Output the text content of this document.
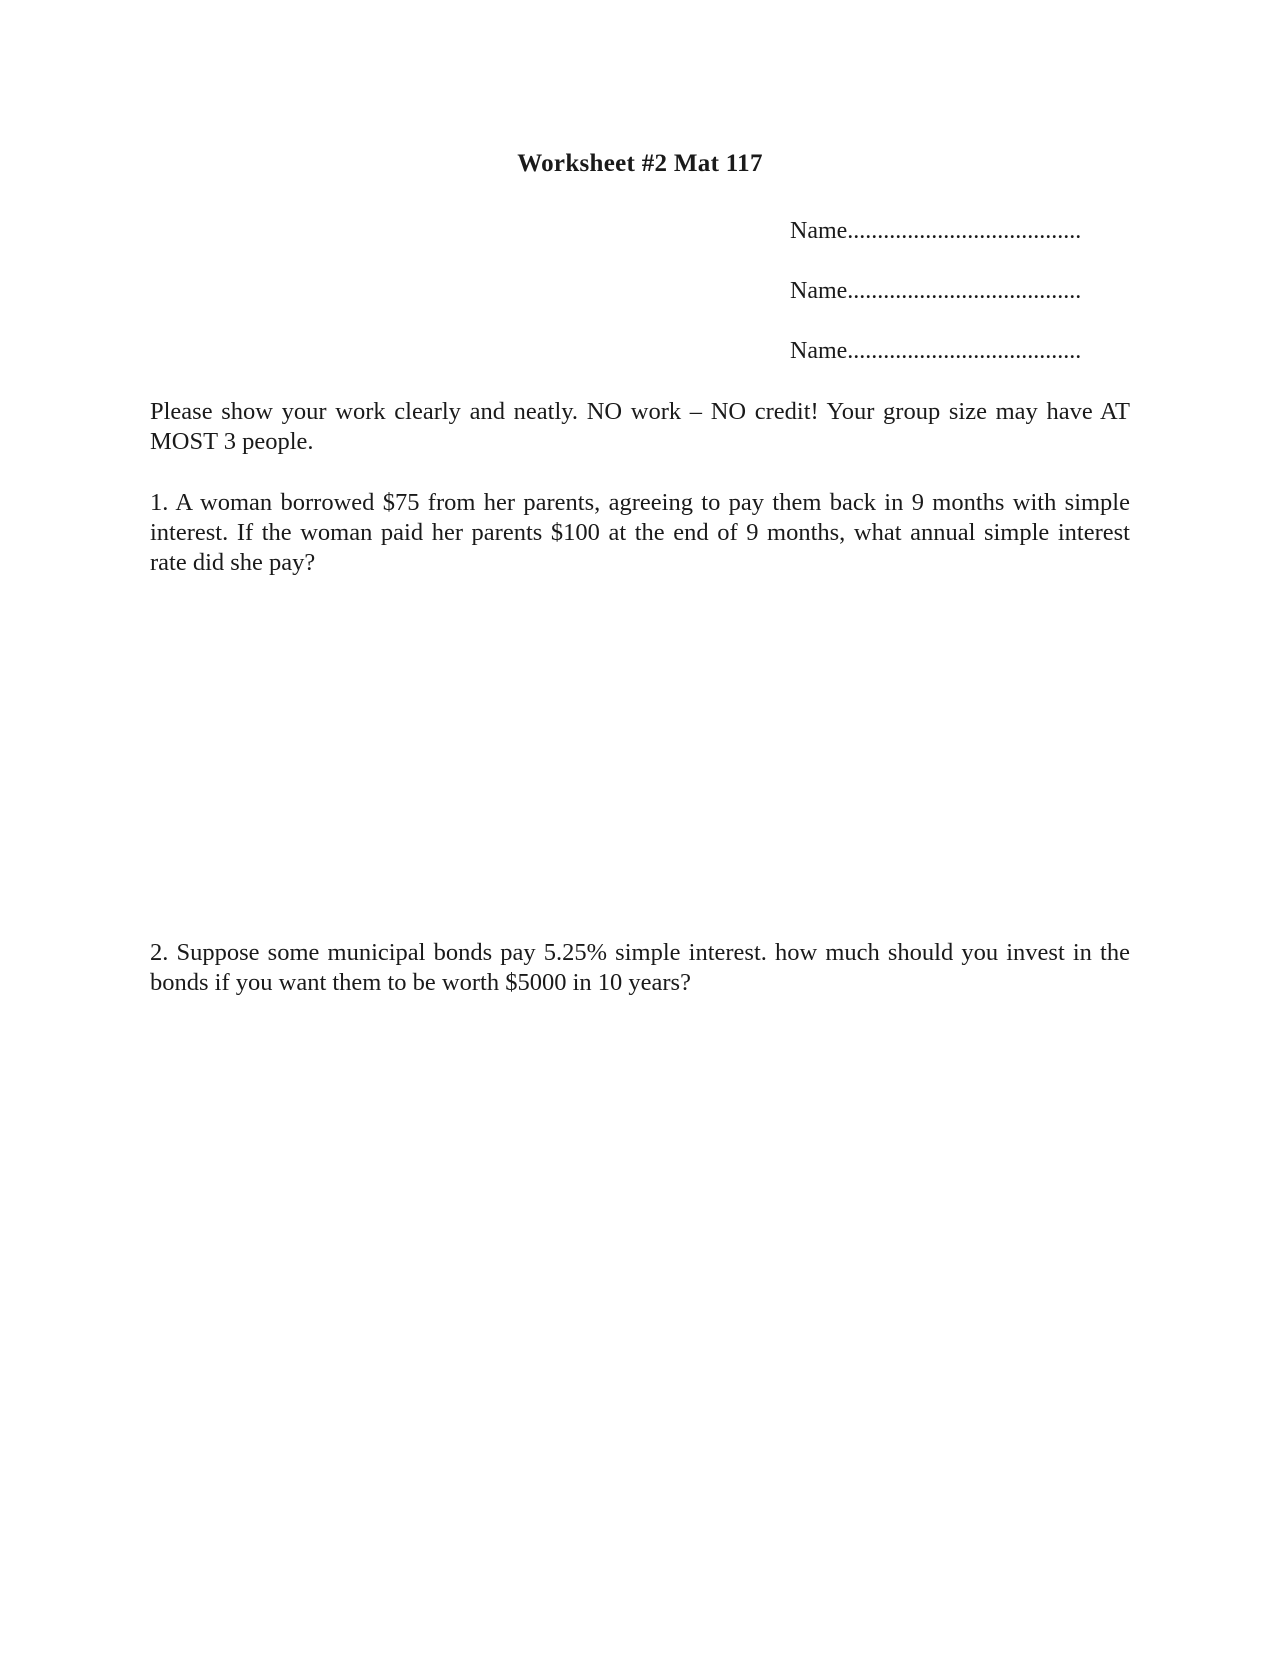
Worksheet #2 Mat 117
Name.......................................
Name.......................................
Name.......................................
Please show your work clearly and neatly. NO work – NO credit! Your group size may have AT MOST 3 people.
1. A woman borrowed $75 from her parents, agreeing to pay them back in 9 months with simple interest. If the woman paid her parents $100 at the end of 9 months, what annual simple interest rate did she pay?
2. Suppose some municipal bonds pay 5.25% simple interest. how much should you invest in the bonds if you want them to be worth $5000 in 10 years?
